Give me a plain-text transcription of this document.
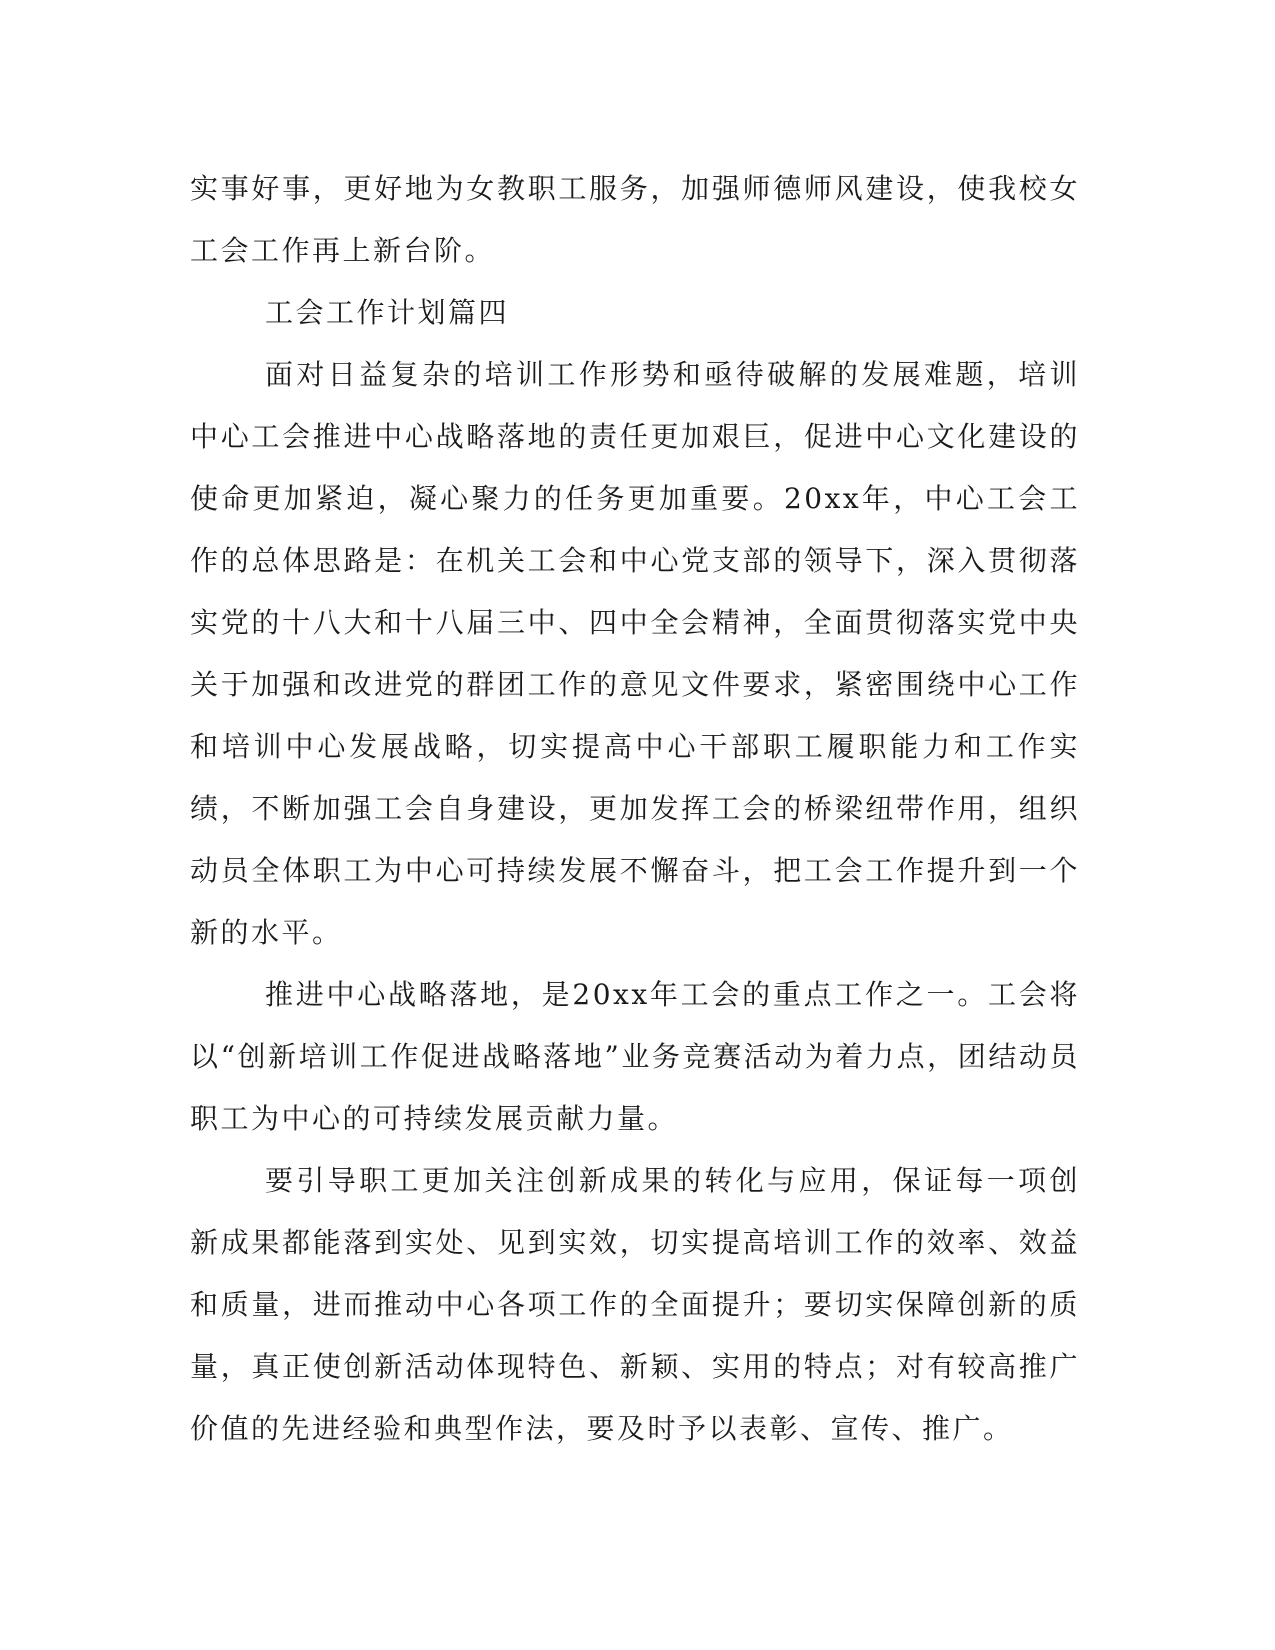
实事好事，更好地为女教职工服务，加强师德师风建设，使我校女工会工作再上新台阶。

工会工作计划篇四

面对日益复杂的培训工作形势和亟待破解的发展难题，培训中心工会推进中心战略落地的责任更加艰巨，促进中心文化建设的使命更加紧迫，凝心聚力的任务更加重要。20xx年，中心工会工作的总体思路是：在机关工会和中心党支部的领导下，深入贯彻落实党的十八大和十八届三中、四中全会精神，全面贯彻落实党中央关于加强和改进党的群团工作的意见文件要求，紧密围绕中心工作和培训中心发展战略，切实提高中心干部职工履职能力和工作实绩，不断加强工会自身建设，更加发挥工会的桥梁纽带作用，组织动员全体职工为中心可持续发展不懈奋斗，把工会工作提升到一个新的水平。

推进中心战略落地，是20xx年工会的重点工作之一。工会将以“创新培训工作促进战略落地”业务竞赛活动为着力点，团结动员职工为中心的可持续发展贡献力量。

要引导职工更加关注创新成果的转化与应用，保证每一项创新成果都能落到实处、见到实效，切实提高培训工作的效率、效益和质量，进而推动中心各项工作的全面提升；要切实保障创新的质量，真正使创新活动体现特色、新颖、实用的特点；对有较高推广价值的先进经验和典型作法，要及时予以表彰、宣传、推广。
